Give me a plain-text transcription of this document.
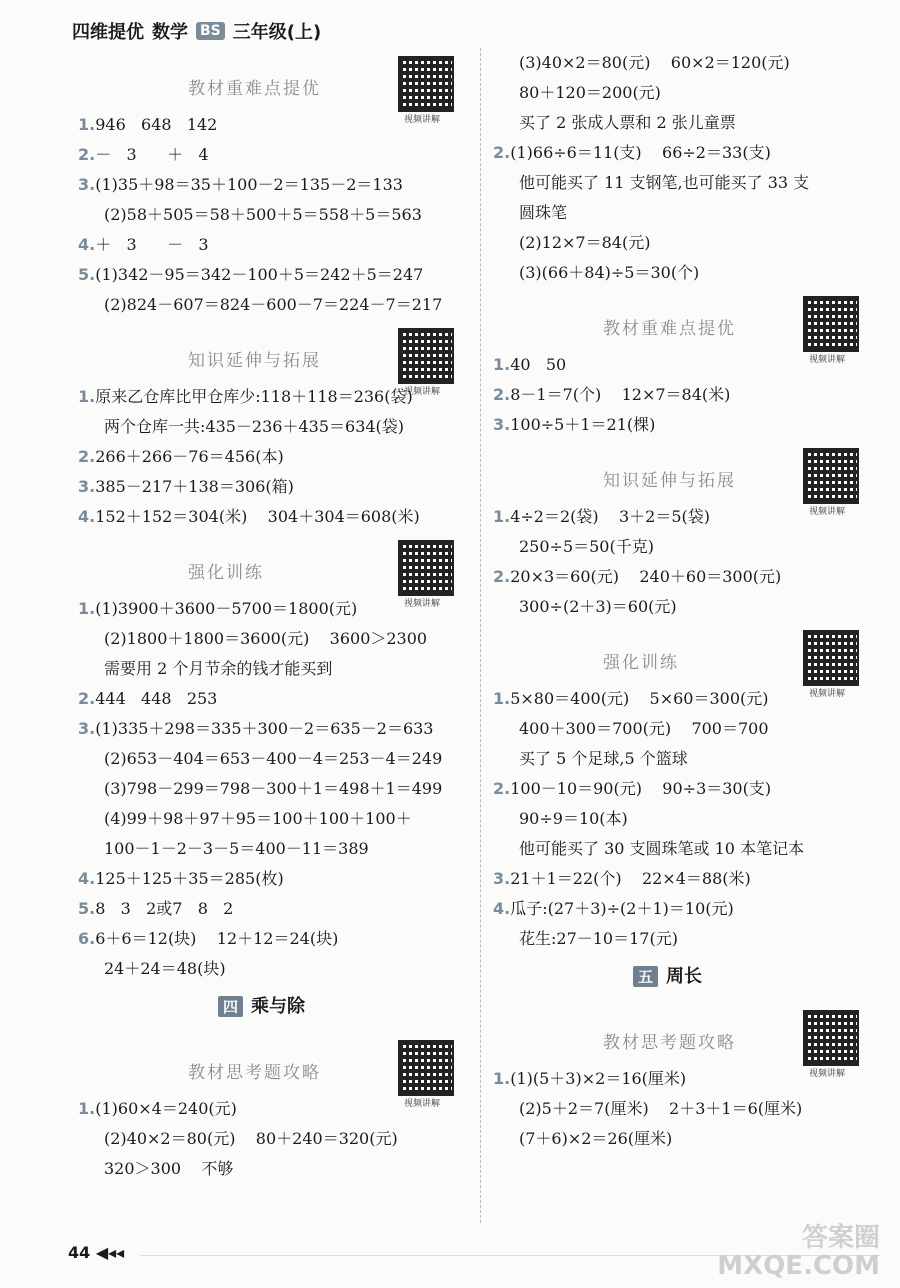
四维提优 数学 BS 三年级(上)
教材重难点提优
视频讲解
1.946   648   142
2.－   3      ＋   4
3.(1)35＋98＝35＋100－2＝135－2＝133
(2)58＋505＝58＋500＋5＝558＋5＝563
4.＋   3      －   3
5.(1)342－95＝342－100＋5＝242＋5＝247
(2)824－607＝824－600－7＝224－7＝217
知识延伸与拓展
视频讲解
1.原来乙仓库比甲仓库少:118＋118＝236(袋)
两个仓库一共:435－236＋435＝634(袋)
2.266＋266－76＝456(本)
3.385－217＋138＝306(箱)
4.152＋152＝304(米)    304＋304＝608(米)
强化训练
视频讲解
1.(1)3900＋3600－5700＝1800(元)
(2)1800＋1800＝3600(元)    3600＞2300
需要用 2 个月节余的钱才能买到
2.444   448   253
3.(1)335＋298＝335＋300－2＝635－2＝633
(2)653－404＝653－400－4＝253－4＝249
(3)798－299＝798－300＋1＝498＋1＝499
(4)99＋98＋97＋95＝100＋100＋100＋
100－1－2－3－5＝400－11＝389
4.125＋125＋35＝285(枚)
5.8   3   2或7   8   2
6.6＋6＝12(块)    12＋12＝24(块)
24＋24＝48(块)
四 乘与除
教材思考题攻略
视频讲解
1.(1)60×4＝240(元)
(2)40×2＝80(元)    80＋240＝320(元)
320＞300    不够
(3)40×2＝80(元)    60×2＝120(元)
80＋120＝200(元)
买了 2 张成人票和 2 张儿童票
2.(1)66÷6＝11(支)    66÷2＝33(支)
他可能买了 11 支钢笔,也可能买了 33 支
圆珠笔
(2)12×7＝84(元)
(3)(66＋84)÷5＝30(个)
教材重难点提优
视频讲解
1.40   50
2.8－1＝7(个)    12×7＝84(米)
3.100÷5＋1＝21(棵)
知识延伸与拓展
视频讲解
1.4÷2＝2(袋)    3＋2＝5(袋)
250÷5＝50(千克)
2.20×3＝60(元)    240＋60＝300(元)
300÷(2＋3)＝60(元)
强化训练
视频讲解
1.5×80＝400(元)    5×60＝300(元)
400＋300＝700(元)    700＝700
买了 5 个足球,5 个篮球
2.100－10＝90(元)    90÷3＝30(支)
90÷9＝10(本)
他可能买了 30 支圆珠笔或 10 本笔记本
3.21＋1＝22(个)    22×4＝88(米)
4.瓜子:(27＋3)÷(2＋1)＝10(元)
花生:27－10＝17(元)
五 周长
教材思考题攻略
视频讲解
1.(1)(5＋3)×2＝16(厘米)
(2)5＋2＝7(厘米)    2＋3＋1＝6(厘米)
(7＋6)×2＝26(厘米)
44 ◀◂◂	答案圈
MXQE.COM
